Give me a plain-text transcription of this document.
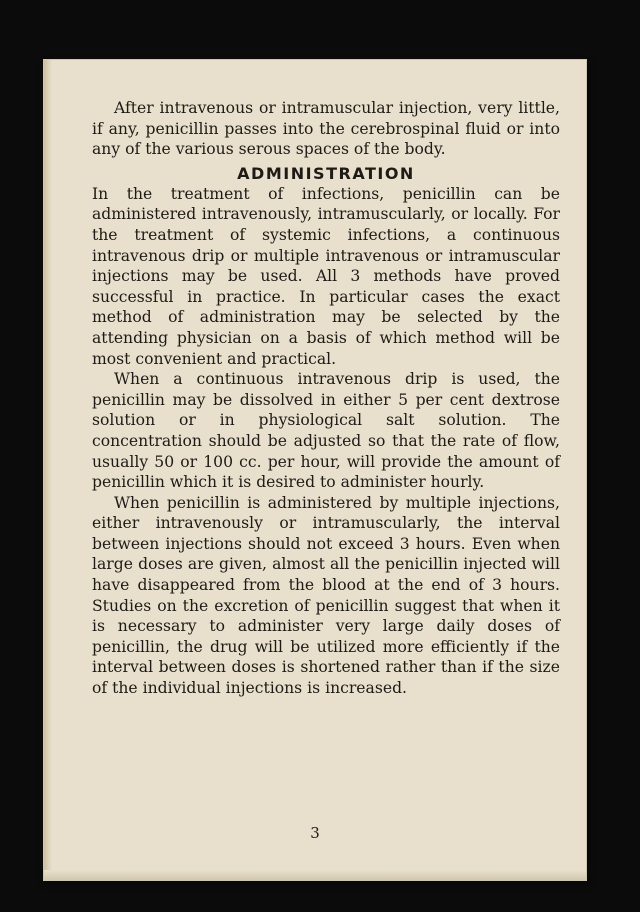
After intravenous or intramuscular injection, very little, if any, penicillin passes into the cerebrospinal fluid or into any of the various serous spaces of the body.

ADMINISTRATION

In the treatment of infections, penicillin can be administered intravenously, intramuscularly, or locally. For the treatment of systemic infections, a continuous intravenous drip or multiple intravenous or intramuscular injections may be used. All 3 methods have proved successful in practice. In particular cases the exact method of administration may be selected by the attending physician on a basis of which method will be most convenient and practical.

When a continuous intravenous drip is used, the penicillin may be dissolved in either 5 per cent dextrose solution or in physiological salt solution. The concentration should be adjusted so that the rate of flow, usually 50 or 100 cc. per hour, will provide the amount of penicillin which it is desired to administer hourly.

When penicillin is administered by multiple injections, either intravenously or intramuscularly, the interval between injections should not exceed 3 hours. Even when large doses are given, almost all the penicillin injected will have disappeared from the blood at the end of 3 hours. Studies on the excretion of penicillin suggest that when it is necessary to administer very large daily doses of penicillin, the drug will be utilized more efficiently if the interval between doses is shortened rather than if the size of the individual injections is increased.

3
